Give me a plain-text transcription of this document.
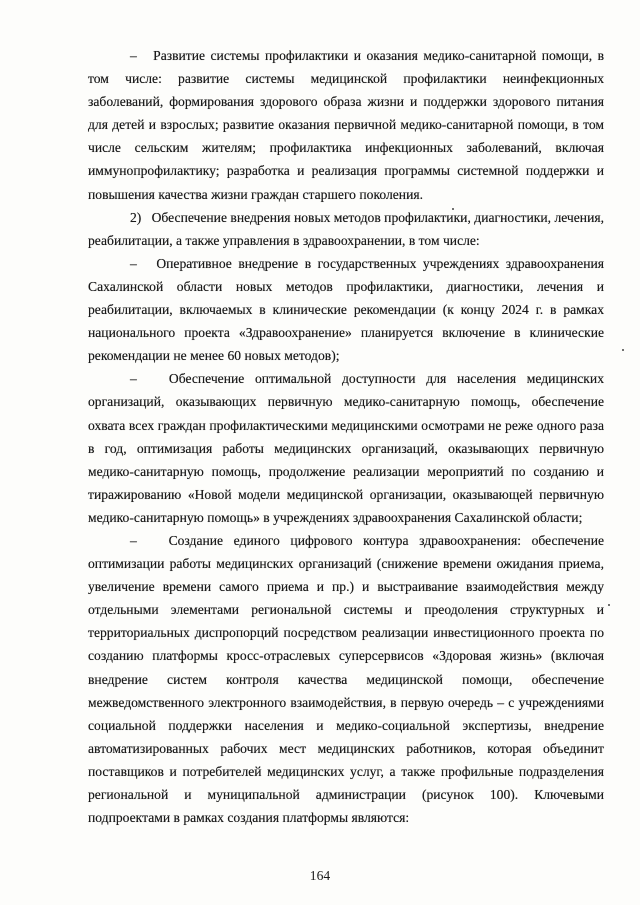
–   Развитие системы профилактики и оказания медико-санитарной помощи, в том числе: развитие системы медицинской профилактики неинфекционных заболеваний, формирования здорового образа жизни и поддержки здорового питания для детей и взрослых; развитие оказания первичной медико-санитарной помощи, в том числе сельским жителям; профилактика инфекционных заболеваний, включая иммунопрофилактику; разработка и реализация программы системной поддержки и повышения качества жизни граждан старшего поколения.

2)   Обеспечение внедрения новых методов профилактики, диагностики, лечения, реабилитации, а также управления в здравоохранении, в том числе:

–   Оперативное внедрение в государственных учреждениях здравоохранения Сахалинской области новых методов профилактики, диагностики, лечения и реабилитации, включаемых в клинические рекомендации (к концу 2024 г. в рамках национального проекта «Здравоохранение» планируется включение в клинические рекомендации не менее 60 новых методов);

–   Обеспечение оптимальной доступности для населения медицинских организаций, оказывающих первичную медико-санитарную помощь, обеспечение охвата всех граждан профилактическими медицинскими осмотрами не реже одного раза в год, оптимизация работы медицинских организаций, оказывающих первичную медико-санитарную помощь, продолжение реализации мероприятий по созданию и тиражированию «Новой модели медицинской организации, оказывающей первичную медико-санитарную помощь» в учреждениях здравоохранения Сахалинской области;

–   Создание единого цифрового контура здравоохранения: обеспечение оптимизации работы медицинских организаций (снижение времени ожидания приема, увеличение времени самого приема и пр.) и выстраивание взаимодействия между отдельными элементами региональной системы и преодоления структурных и территориальных диспропорций посредством реализации инвестиционного проекта по созданию платформы кросс-отраслевых суперсервисов «Здоровая жизнь» (включая внедрение систем контроля качества медицинской помощи, обеспечение межведомственного электронного взаимодействия, в первую очередь – с учреждениями социальной поддержки населения и медико-социальной экспертизы, внедрение автоматизированных рабочих мест медицинских работников, которая объединит поставщиков и потребителей медицинских услуг, а также профильные подразделения региональной и муниципальной администрации (рисунок 100). Ключевыми подпроектами в рамках создания платформы являются:

164
